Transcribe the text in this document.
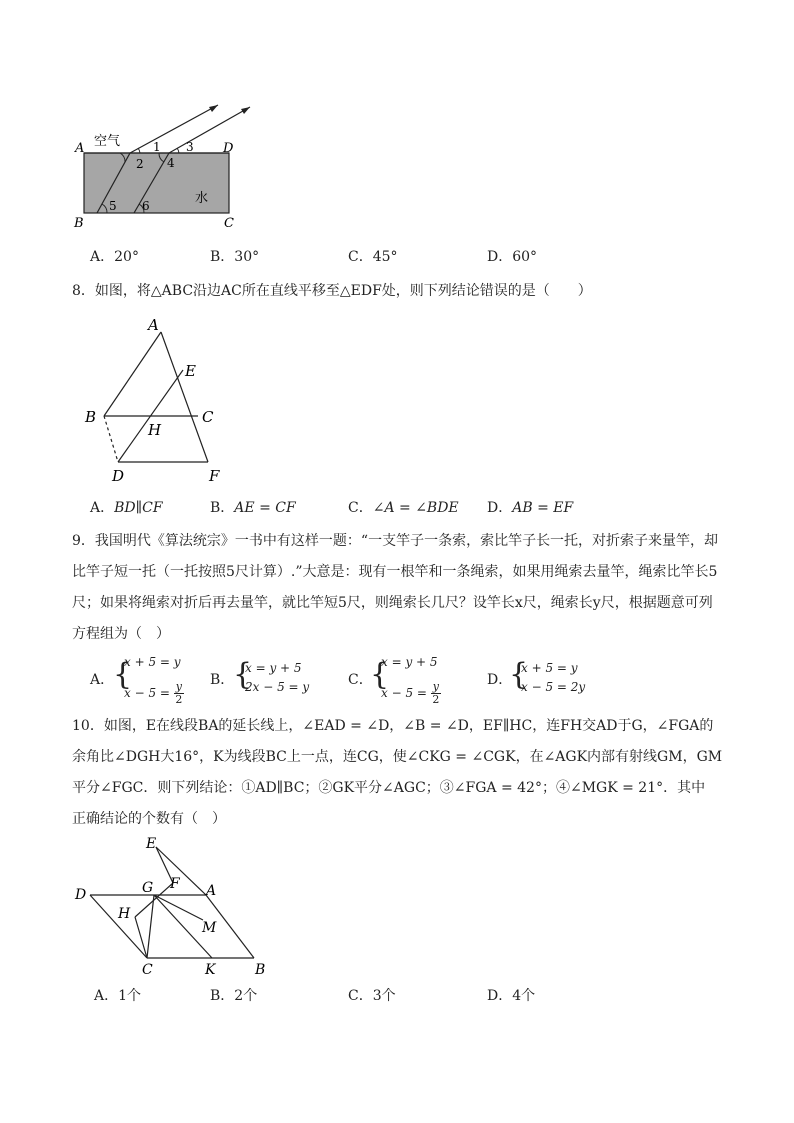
A	D
B	C
空气
水
1
2
3
4
5 6
A．20°	B．30°	C．45°	D．60°
8．如图，将△ABC沿边AC所在直线平移至△EDF处，则下列结论错误的是（　　）
A
E
B	C
H
D	F
A．BD∥CF	B．AE = CF	C．∠A = ∠BDE D．AB = EF
9．我国明代《算法统宗》一书中有这样一题：“一支竿子一条索，索比竿子长一托，对折索子来量竿，却
比竿子短一托（一托按照5尺计算）.”大意是：现有一根竿和一条绳索，如果用绳索去量竿，绳索比竿长5
尺；如果将绳索对折后再去量竿，就比竿短5尺，则绳索长几尺？设竿长x尺，绳索长y尺，根据题意可列
方程组为（　）
A．
{
x + 5 = y
$x - 5 = \frac{y}{2}$
B．
{
x = y + 5
2x − 5 = y	C．
{
x = y + 5
$x - 5 = \frac{y}{2}$
D．
{
x + 5 = y
x − 5 = 2y
10．如图，E在线段BA的延长线上，∠EAD = ∠D，∠B = ∠D，EF∥HC，连FH交AD于G，∠FGA的
余角比∠DGH大16°，K为线段BC上一点，连CG，使∠CKG = ∠CGK，在∠AGK内部有射线GM，GM
平分∠FGC．则下列结论：①AD∥BC；②GK平分∠AGC；③∠FGA = 42°；④∠MGK = 21°．其中
正确结论的个数有（　）
E
F
D	G	A
H
M
C	K	B
A．1个	B．2个	C．3个	D．4个
